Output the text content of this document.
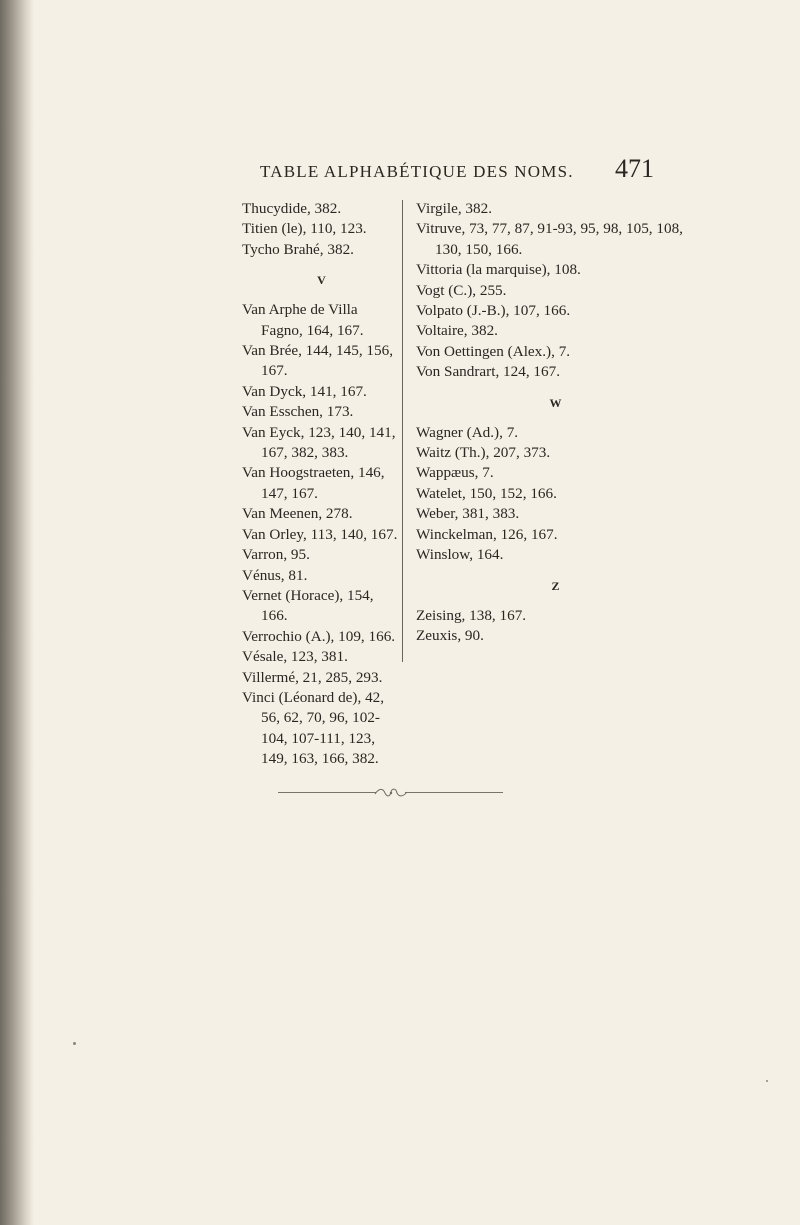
TABLE ALPHABÉTIQUE DES NOMS. 471
Thucydide, 382.
Titien (le), 110, 123.
Tycho Brahé, 382.
V
Van Arphe de Villa Fagno, 164, 167.
Van Brée, 144, 145, 156, 167.
Van Dyck, 141, 167.
Van Esschen, 173.
Van Eyck, 123, 140, 141, 167, 382, 383.
Van Hoogstraeten, 146, 147, 167.
Van Meenen, 278.
Van Orley, 113, 140, 167.
Varron, 95.
Vénus, 81.
Vernet (Horace), 154, 166.
Verrochio (A.), 109, 166.
Vésale, 123, 381.
Villermé, 21, 285, 293.
Vinci (Léonard de), 42, 56, 62, 70, 96, 102-104, 107-111, 123, 149, 163, 166, 382.
Virgile, 382.
Vitruve, 73, 77, 87, 91-93, 95, 98, 105, 108, 130, 150, 166.
Vittoria (la marquise), 108.
Vogt (C.), 255.
Volpato (J.-B.), 107, 166.
Voltaire, 382.
Von Oettingen (Alex.), 7.
Von Sandrart, 124, 167.
W
Wagner (Ad.), 7.
Waitz (Th.), 207, 373.
Wappæus, 7.
Watelet, 150, 152, 166.
Weber, 381, 383.
Winckelman, 126, 167.
Winslow, 164.
Z
Zeising, 138, 167.
Zeuxis, 90.
